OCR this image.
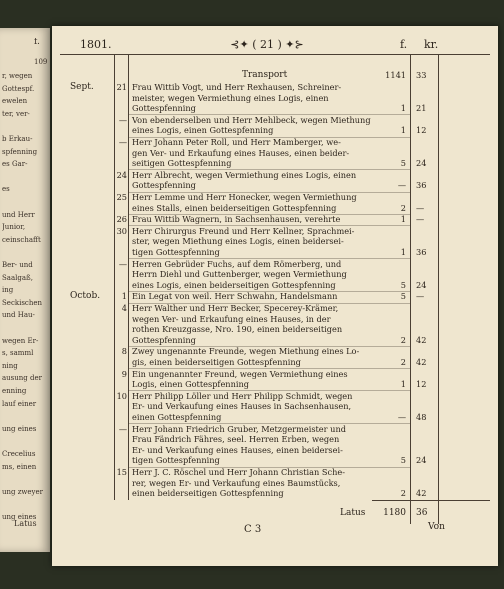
f.
109
Latus
r, wegen
Gottespf.
ewelen
ter, ver-
b Erkau-
spfenning
es Gar-
es
und Herr
Junior,
ceinschafft
Ber- und
Saalgaß,
ing
Seckischen
und Hau-
wegen Er-
s, samml
ning
ausung der
enning
lauf einer
ung eines
Crecelius
ms, einen
ung zweyer
ung eines
1801.	⊰✦ ( 21 ) ✦⊱	f. kr.
Transport	1141 33
Sept.	21 Frau Wittib Vogt, und Herr Rexhausen, Schreiner-
meister, wegen Vermiethung eines Logis, einen
Gottespfenning	1 21
— Von ebenderselben und Herr Mehlbeck, wegen Miethung
eines Logis, einen Gottespfenning	1 12
— Herr Johann Peter Roll, und Herr Mamberger, we-
gen Ver- und Erkaufung eines Hauses, einen beider-
seitigen Gottespfenning	5 24
24 Herr Albrecht, wegen Vermiethung eines Logis, einen
Gottespfenning	— 36
25 Herr Lemme und Herr Honecker, wegen Vermiethung
eines Stalls, einen beiderseitigen Gottespfenning	2 —
26 Frau Wittib Wagnern, in Sachsenhausen, verehrte	1 —
30 Herr Chirurgus Freund und Herr Kellner, Sprachmei-
ster, wegen Miethung eines Logis, einen beidersei-
tigen Gottespfenning	1 36
— Herren Gebrüder Fuchs, auf dem Römerberg, und
Herrn Diehl und Guttenberger, wegen Vermiethung
eines Logis, einen beiderseitigen Gottespfenning	5 24
Octob.	1 Ein Legat von weil. Herr Schwahn, Handelsmann	5 —
4 Herr Walther und Herr Becker, Specerey-Krämer,
wegen Ver- und Erkaufung eines Hauses, in der
rothen Kreuzgasse, Nro. 190, einen beiderseitigen
Gottespfenning	2 42
8 Zwey ungenannte Freunde, wegen Miethung eines Lo-
gis, einen beiderseitigen Gottespfenning	2 42
9 Ein ungenannter Freund, wegen Vermiethung eines
Logis, einen Gottespfenning	1 12
10 Herr Philipp Löller und Herr Philipp Schmidt, wegen
Er- und Verkaufung eines Hauses in Sachsenhausen,
einen Gottespfenning	— 48
— Herr Johann Friedrich Gruber, Metzgermeister und
Frau Fändrich Fähres, seel. Herren Erben, wegen
Er- und Verkaufung eines Hauses, einen beidersei-
tigen Gottespfenning	5 24
15 Herr J. C. Röschel und Herr Johann Christian Sche-
rer, wegen Er- und Verkaufung eines Baumstücks,
einen beiderseitigen Gottespfenning	2 42
Latus 1180 36
C 3	Von
